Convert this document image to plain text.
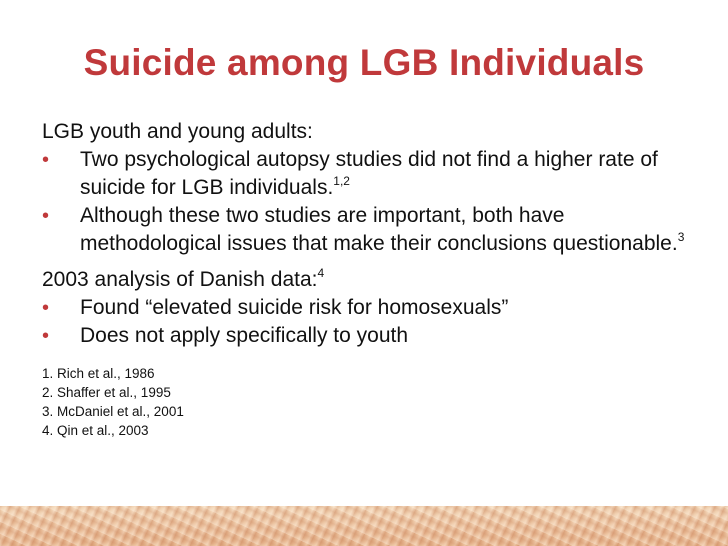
Suicide among LGB Individuals

LGB youth and young adults:

• Two psychological autopsy studies did not find a higher rate of suicide for LGB individuals.$^{1,2}$

• Although these two studies are important, both have methodological issues that make their conclusions questionable.$^3$

2003 analysis of Danish data:$^4$

• Found “elevated suicide risk for homosexuals”

• Does not apply specifically to youth

1. Rich et al., 1986
2. Shaffer et al., 1995
3. McDaniel et al., 2001
4. Qin et al., 2003
